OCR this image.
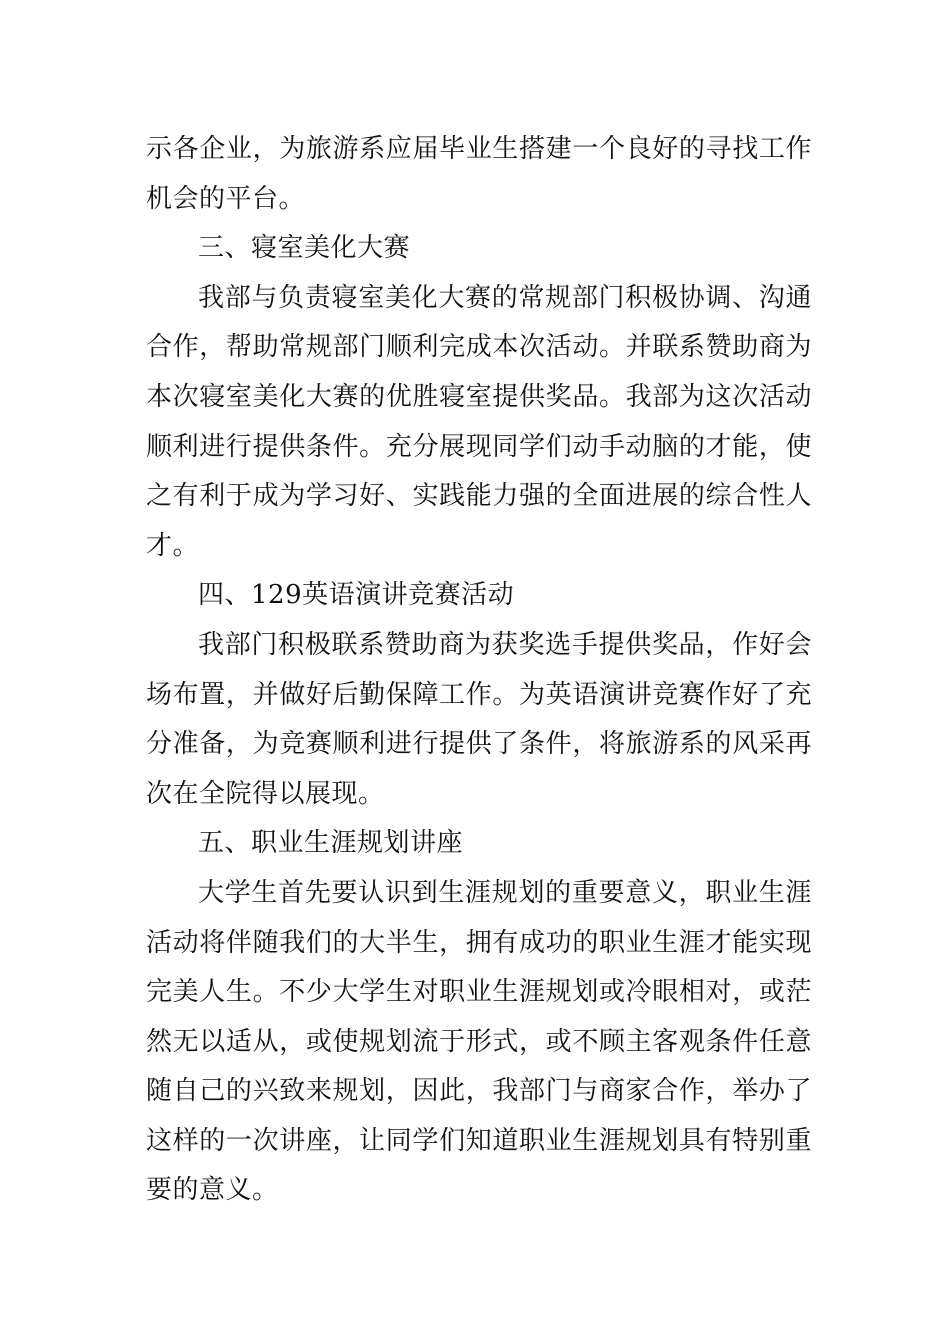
示各企业，为旅游系应届毕业生搭建一个良好的寻找工作机会的平台。

三、寝室美化大赛

我部与负责寝室美化大赛的常规部门积极协调、沟通合作，帮助常规部门顺利完成本次活动。并联系赞助商为本次寝室美化大赛的优胜寝室提供奖品。我部为这次活动顺利进行提供条件。充分展现同学们动手动脑的才能，使之有利于成为学习好、实践能力强的全面进展的综合性人才。

四、129英语演讲竞赛活动

我部门积极联系赞助商为获奖选手提供奖品，作好会场布置，并做好后勤保障工作。为英语演讲竞赛作好了充分准备，为竞赛顺利进行提供了条件，将旅游系的风采再次在全院得以展现。

五、职业生涯规划讲座

大学生首先要认识到生涯规划的重要意义，职业生涯活动将伴随我们的大半生，拥有成功的职业生涯才能实现完美人生。不少大学生对职业生涯规划或冷眼相对，或茫然无以适从，或使规划流于形式，或不顾主客观条件任意随自己的兴致来规划，因此，我部门与商家合作，举办了这样的一次讲座，让同学们知道职业生涯规划具有特别重要的意义。
